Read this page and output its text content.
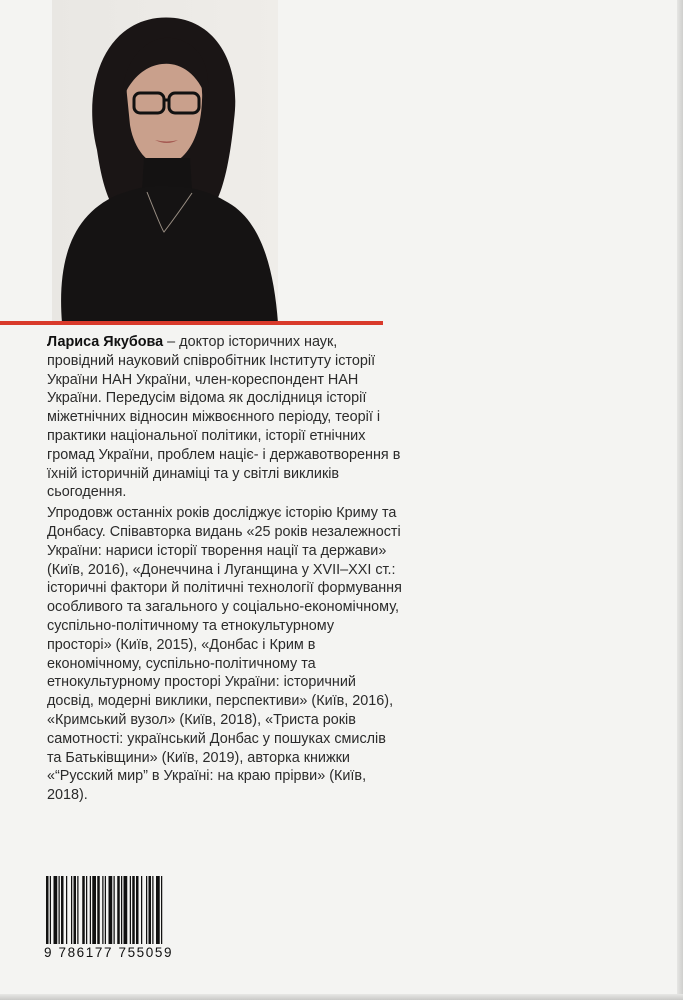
Лариса Якубова – доктор історичних наук, провідний науковий співробітник Інституту історії України НАН України, член-кореспондент НАН України. Передусім відома як дослідниця історії міжетнічних відносин міжвоєнного періоду, теорії і практики національної політики, історії етнічних громад України, проблем націє- і державотворення в їхній історичній динаміці та у світлі викликів сьогодення.

Упродовж останніх років досліджує історію Криму та Донбасу. Співавторка видань «25 років незалежності України: нариси історії творення нації та держави» (Київ, 2016), «Донеччина і Луганщина у XVII–XXI ст.: історичні фактори й політичні технології формування особливого та загального у соціально-економічному, суспільно-політичному та етнокультурному просторі» (Київ, 2015), «Донбас і Крим в економічному, суспільно-політичному та етнокультурному просторі України: історичний досвід, модерні виклики, перспективи» (Київ, 2016), «Кримський вузол» (Київ, 2018), «Триста років самотності: український Донбас у пошуках смислів та Батьківщини» (Київ, 2019), авторка книжки «“Русский мир” в Україні: на краю прірви» (Київ, 2018).

9 786177 755059
